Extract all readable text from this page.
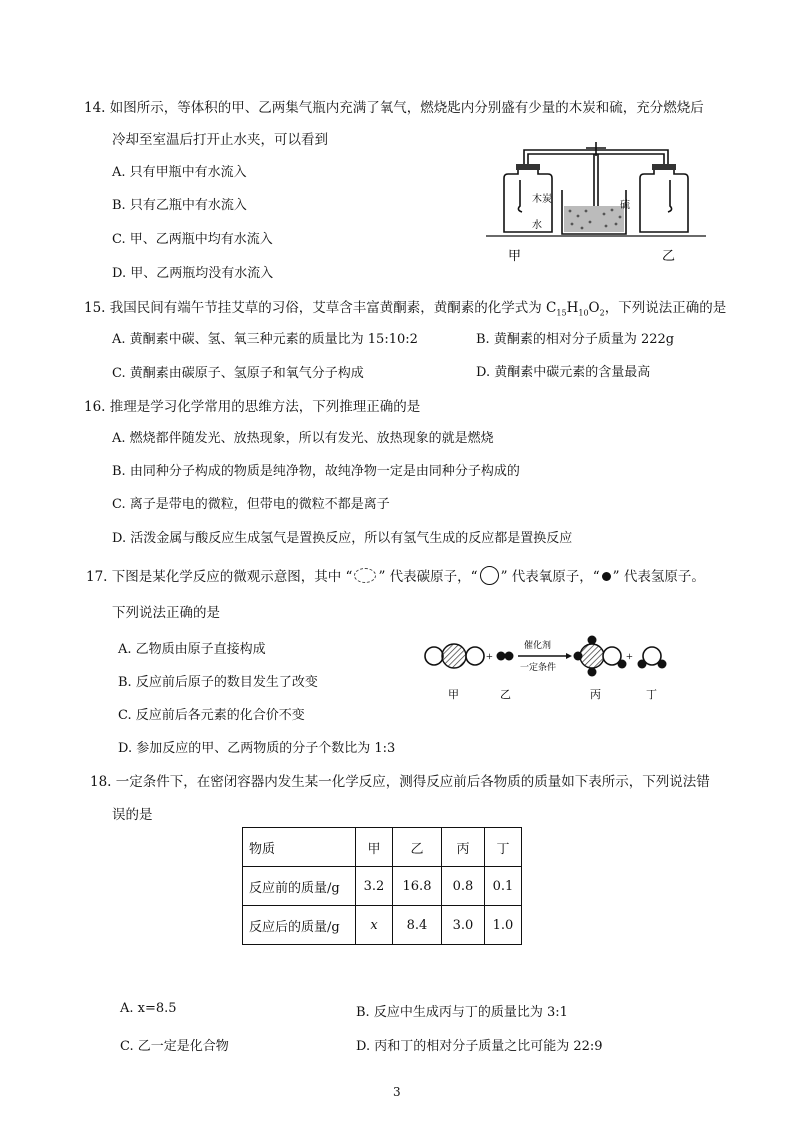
14. 如图所示，等体积的甲、乙两集气瓶内充满了氧气，燃烧匙内分别盛有少量的木炭和硫，充分燃烧后
冷却至室温后打开止水夹，可以看到
A. 只有甲瓶中有水流入
B. 只有乙瓶中有水流入
C. 甲、乙两瓶中均有水流入
D. 甲、乙两瓶均没有水流入
木炭
硫
水
甲	乙
15. 我国民间有端午节挂艾草的习俗，艾草含丰富黄酮素，黄酮素的化学式为 $C_{15}H_{10}O_2$，下列说法正确的是
A. 黄酮素中碳、氢、氧三种元素的质量比为 15:10:2	B. 黄酮素的相对分子质量为 222g
C. 黄酮素由碳原子、氢原子和氧气分子构成	D. 黄酮素中碳元素的含量最高
16. 推理是学习化学常用的思维方法，下列推理正确的是
A. 燃烧都伴随发光、放热现象，所以有发光、放热现象的就是燃烧
B. 由同种分子构成的物质是纯净物，故纯净物一定是由同种分子构成的
C. 离子是带电的微粒，但带电的微粒不都是离子
D. 活泼金属与酸反应生成氢气是置换反应，所以有氢气生成的反应都是置换反应
17. 下图是某化学反应的微观示意图，其中 “ ” 代表碳原子，“ ” 代表氧原子，“ ” 代表氢原子。
下列说法正确的是
A. 乙物质由原子直接构成
B. 反应前后原子的数目发生了改变
C. 反应前后各元素的化合价不变
D. 参加反应的甲、乙两物质的分子个数比为 1:3
+
催化剂
一定条件
+
甲	乙	丙	丁
18. 一定条件下，在密闭容器内发生某一化学反应，测得反应前后各物质的质量如下表所示，下列说法错
误的是
物质	甲	乙	丙	丁
反应前的质量/g	3.2	16.8	0.8	0.1
反应后的质量/g	x	8.4	3.0	1.0
A. x=8.5	B. 反应中生成丙与丁的质量比为 3:1
C. 乙一定是化合物	D. 丙和丁的相对分子质量之比可能为 22:9
3
